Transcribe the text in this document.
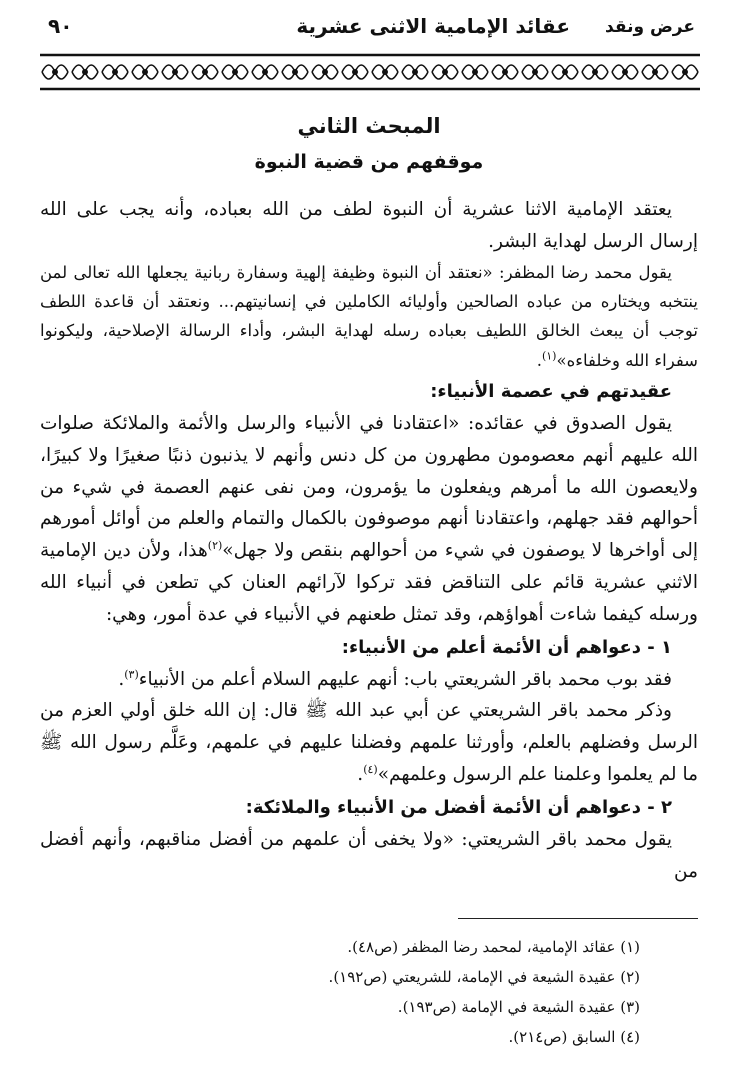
عقائد الإمامية الاثنى عشرية عرض ونقد
٩٠
المبحث الثاني
موقفهم من قضية النبوة

يعتقد الإمامية الاثنا عشرية أن النبوة لطف من الله بعباده، وأنه يجب على الله إرسال الرسل لهداية البشر.

يقول محمد رضا المظفر: «نعتقد أن النبوة وظيفة إلهية وسفارة ربانية يجعلها الله تعالى لمن ينتخبه ويختاره من عباده الصالحين وأوليائه الكاملين في إنسانيتهم... ونعتقد أن قاعدة اللطف توجب أن يبعث الخالق اللطيف بعباده رسله لهداية البشر، وأداء الرسالة الإصلاحية، وليكونوا سفراء الله وخلفاءه»$^{(١)}$.

عقيدتهم في عصمة الأنبياء:

يقول الصدوق في عقائده: «اعتقادنا في الأنبياء والرسل والأئمة والملائكة صلوات الله عليهم أنهم معصومون مطهرون من كل دنس وأنهم لا يذنبون ذنبًا صغيرًا ولا كبيرًا، ولايعصون الله ما أمرهم ويفعلون ما يؤمرون، ومن نفى عنهم العصمة في شيء من أحوالهم فقد جهلهم، واعتقادنا أنهم موصوفون بالكمال والتمام والعلم من أوائل أمورهم إلى أواخرها لا يوصفون في شيء من أحوالهم بنقص ولا جهل»$^{(٢)}$هذا، ولأن دين الإمامية الاثني عشرية قائم على التناقض فقد تركوا لآرائهم العنان كي تطعن في أنبياء الله ورسله كيفما شاءت أهواؤهم، وقد تمثل طعنهم في الأنبياء في عدة أمور، وهي:

١ - دعواهم أن الأئمة أعلم من الأنبياء:

فقد بوب محمد باقر الشريعتي باب: أنهم عليهم السلام أعلم من الأنبياء$^{(٣)}$.

وذكر محمد باقر الشريعتي عن أبي عبد الله ﷺ قال: إن الله خلق أولي العزم من الرسل وفضلهم بالعلم، وأورثنا علمهم وفضلنا عليهم في علمهم، وعَلَّم رسول الله ﷺ ما لم يعلموا وعلمنا علم الرسول وعلمهم»$^{(٤)}$.

٢ - دعواهم أن الأئمة أفضل من الأنبياء والملائكة:

يقول محمد باقر الشريعتي: «ولا يخفى أن علمهم من أفضل مناقبهم، وأنهم أفضل من

(١) عقائد الإمامية، لمحمد رضا المظفر (ص٤٨).
(٢) عقيدة الشيعة في الإمامة، للشريعتي (ص١٩٢).
(٣) عقيدة الشيعة في الإمامة (ص١٩٣).
(٤) السابق (ص٢١٤).
